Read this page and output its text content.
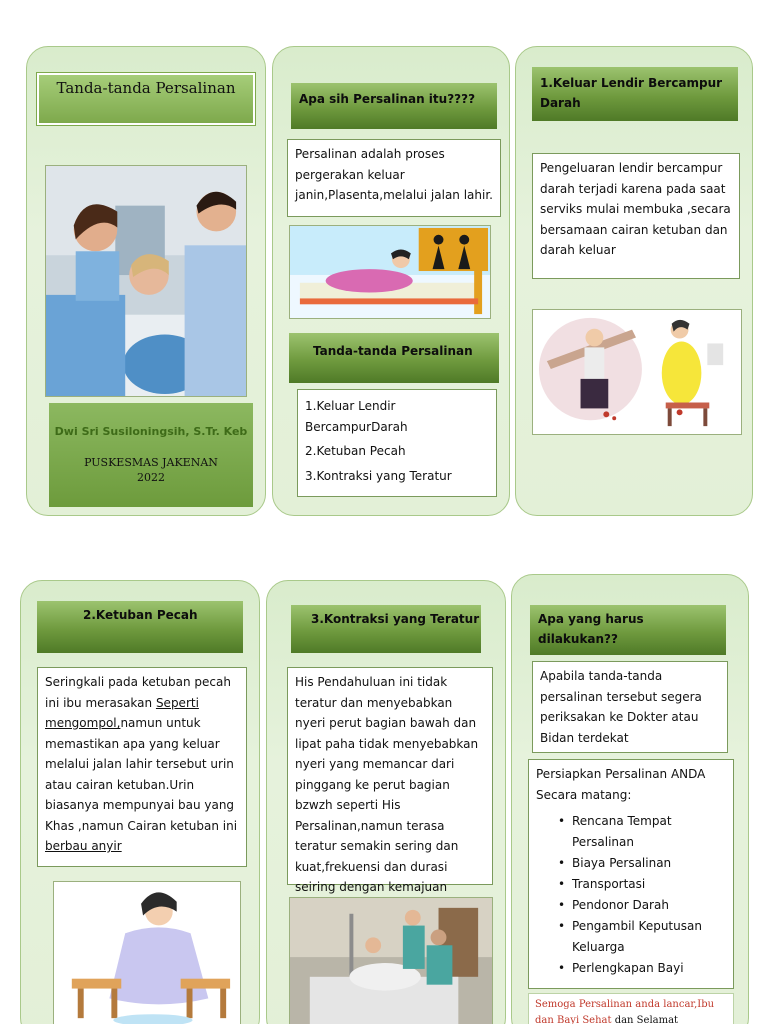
Tanda-tanda Persalinan
Dwi Sri Susiloningsih, S.Tr. Keb
PUSKESMAS JAKENAN
2022
Apa sih Persalinan itu????
Persalinan adalah proses pergerakan keluar janin,Plasenta,melalui jalan lahir.
Tanda-tanda Persalinan
1.Keluar Lendir BercampurDarah
2.Ketuban Pecah
3.Kontraksi yang Teratur
1.Keluar Lendir Bercampur Darah
Pengeluaran lendir bercampur darah terjadi karena pada saat serviks mulai membuka ,secara bersamaan cairan ketuban dan darah keluar
2.Ketuban Pecah
Seringkali pada ketuban pecah ini ibu merasakan Seperti mengompol,namun untuk memastikan apa yang keluar melalui jalan lahir tersebut urin atau cairan ketuban.Urin biasanya mempunyai bau yang Khas ,namun Cairan ketuban ini berbau anyir
3.Kontraksi yang Teratur
His Pendahuluan ini tidak teratur dan menyebabkan nyeri perut bagian bawah dan lipat paha tidak menyebabkan nyeri yang memancar dari pinggang ke perut bagian bzwzh seperti His Persalinan,namun terasa teratur semakin sering dan kuat,frekuensi dan durasi seiring dengan kemajuan
Apa yang harus dilakukan??
Apabila tanda-tanda persalinan tersebut segera periksakan ke Dokter atau Bidan terdekat
Persiapkan Persalinan ANDA Secara matang:
• Rencana Tempat Persalinan
• Biaya Persalinan
• Transportasi
• Pendonor Darah
• Pengambil Keputusan Keluarga
• Perlengkapan Bayi
Semoga Persalinan anda lancar,Ibu dan Bayi Sehat dan Selamat
